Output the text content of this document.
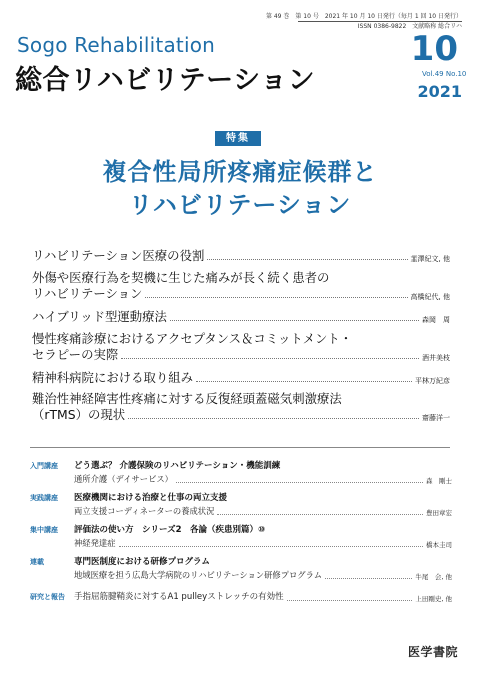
第 49 巻　第 10 号　2021 年 10 月 10 日発行（毎月 1 回 10 日発行）
ISSN 0386-9822　文献略称 総合リハ
Sogo Rehabilitation
総合リハビリテーション
10
Vol.49 No.10
2021
特集
複合性局所疼痛症候群と
リハビリテーション
リハビリテーション医療の役割	韮澤紀文, 他
外傷や医療行為を契機に生じた痛みが長く続く患者の
リハビリテーション	高橋紀代, 他
ハイブリッド型運動療法	森岡　周
慢性疼痛診療におけるアクセプタンス＆コミットメント・
セラピーの実際	酒井美枝
精神科病院における取り組み	平林万紀彦
難治性神経障害性疼痛に対する反復経頭蓋磁気刺激療法
（rTMS）の現状	齋藤洋一
入門講座 どう選ぶ？ 介護保険のリハビリテーション・機能訓練
通所介護（デイサービス）	森　剛士
実践講座 医療機関における治療と仕事の両立支援
両立支援コーディネーターの養成状況	豊田章宏
集中講座 評価法の使い方　シリーズ2　各論（疾患別篇）⑩
神経発達症	橋本圭司
連載	専門医制度における研修プログラム
地域医療を担う広島大学病院のリハビリテーション研修プログラム	牛尾　会, 他
研究と報告 手指屈筋腱鞘炎に対するA1 pulleyストレッチの有効性	上田剛史, 他
医学書院
